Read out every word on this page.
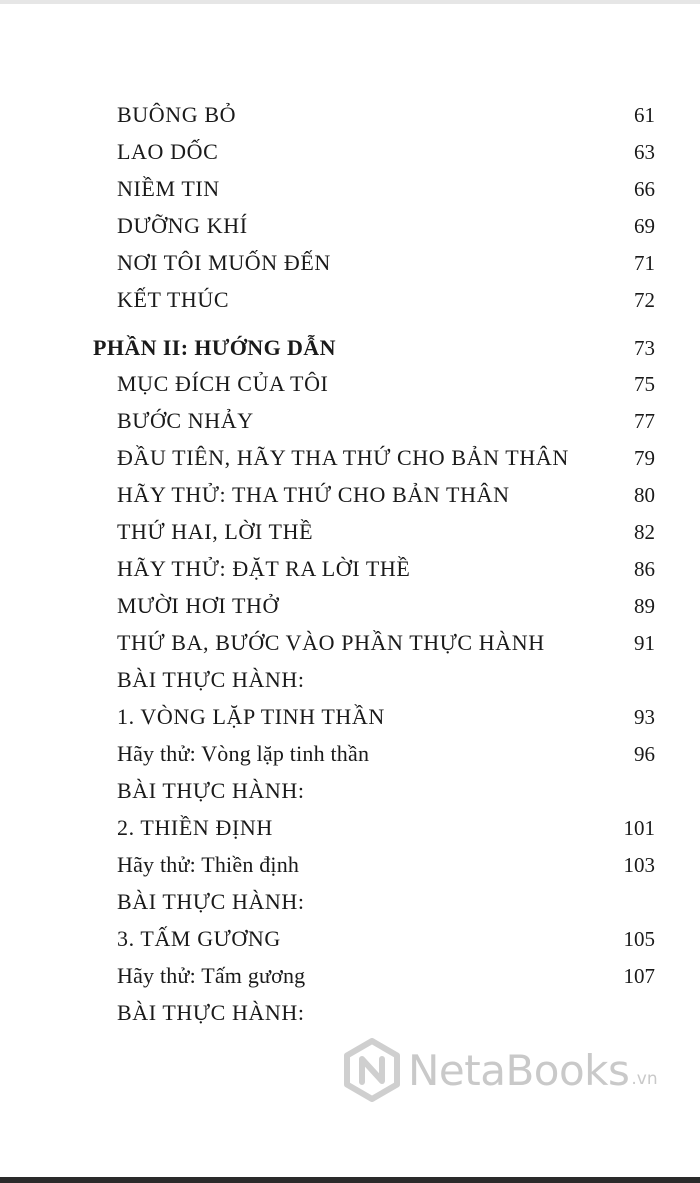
BUÔNG BỎ	61
LAO DỐC	63
NIỀM TIN	66
DƯỠNG KHÍ	69
NƠI TÔI MUỐN ĐẾN	71
KẾT THÚC	72
PHẦN II: HƯỚNG DẪN	73
MỤC ĐÍCH CỦA TÔI	75
BƯỚC NHẢY	77
ĐẦU TIÊN, HÃY THA THỨ CHO BẢN THÂN	79
HÃY THỬ: THA THỨ CHO BẢN THÂN	80
THỨ HAI, LỜI THỀ	82
HÃY THỬ: ĐẶT RA LỜI THỀ	86
MƯỜI HƠI THỞ	89
THỨ BA, BƯỚC VÀO PHẦN THỰC HÀNH	91
BÀI THỰC HÀNH:
1. VÒNG LẶP TINH THẦN	93
Hãy thử: Vòng lặp tinh thần	96
BÀI THỰC HÀNH:
2. THIỀN ĐỊNH	101
Hãy thử: Thiền định	103
BÀI THỰC HÀNH:
3. TẤM GƯƠNG	105
Hãy thử: Tấm gương	107
BÀI THỰC HÀNH:
NetaBooks .vn
